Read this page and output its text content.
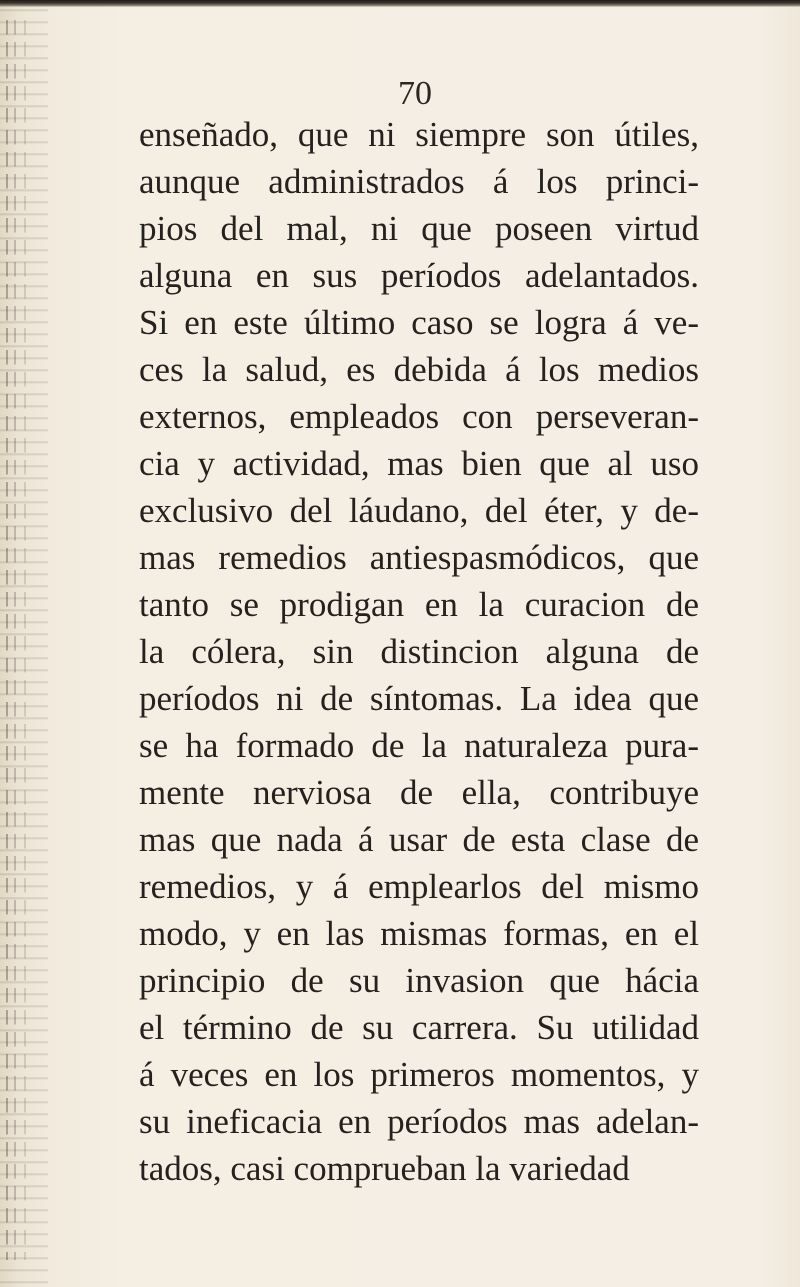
70
enseñado, que ni siempre son útiles,
aunque administrados á los princi-
pios del mal, ni que poseen virtud
alguna en sus períodos adelantados.
Si en este último caso se logra á ve-
ces la salud, es debida á los medios
externos, empleados con perseveran-
cia y actividad, mas bien que al uso
exclusivo del láudano, del éter, y de-
mas remedios antiespasmódicos, que
tanto se prodigan en la curacion de
la cólera, sin distincion alguna de
períodos ni de síntomas. La idea que
se ha formado de la naturaleza pura-
mente nerviosa de ella, contribuye
mas que nada á usar de esta clase de
remedios, y á emplearlos del mismo
modo, y en las mismas formas, en el
principio de su invasion que hácia
el término de su carrera. Su utilidad
á veces en los primeros momentos, y
su ineficacia en períodos mas adelan-
tados, casi comprueban la variedad
